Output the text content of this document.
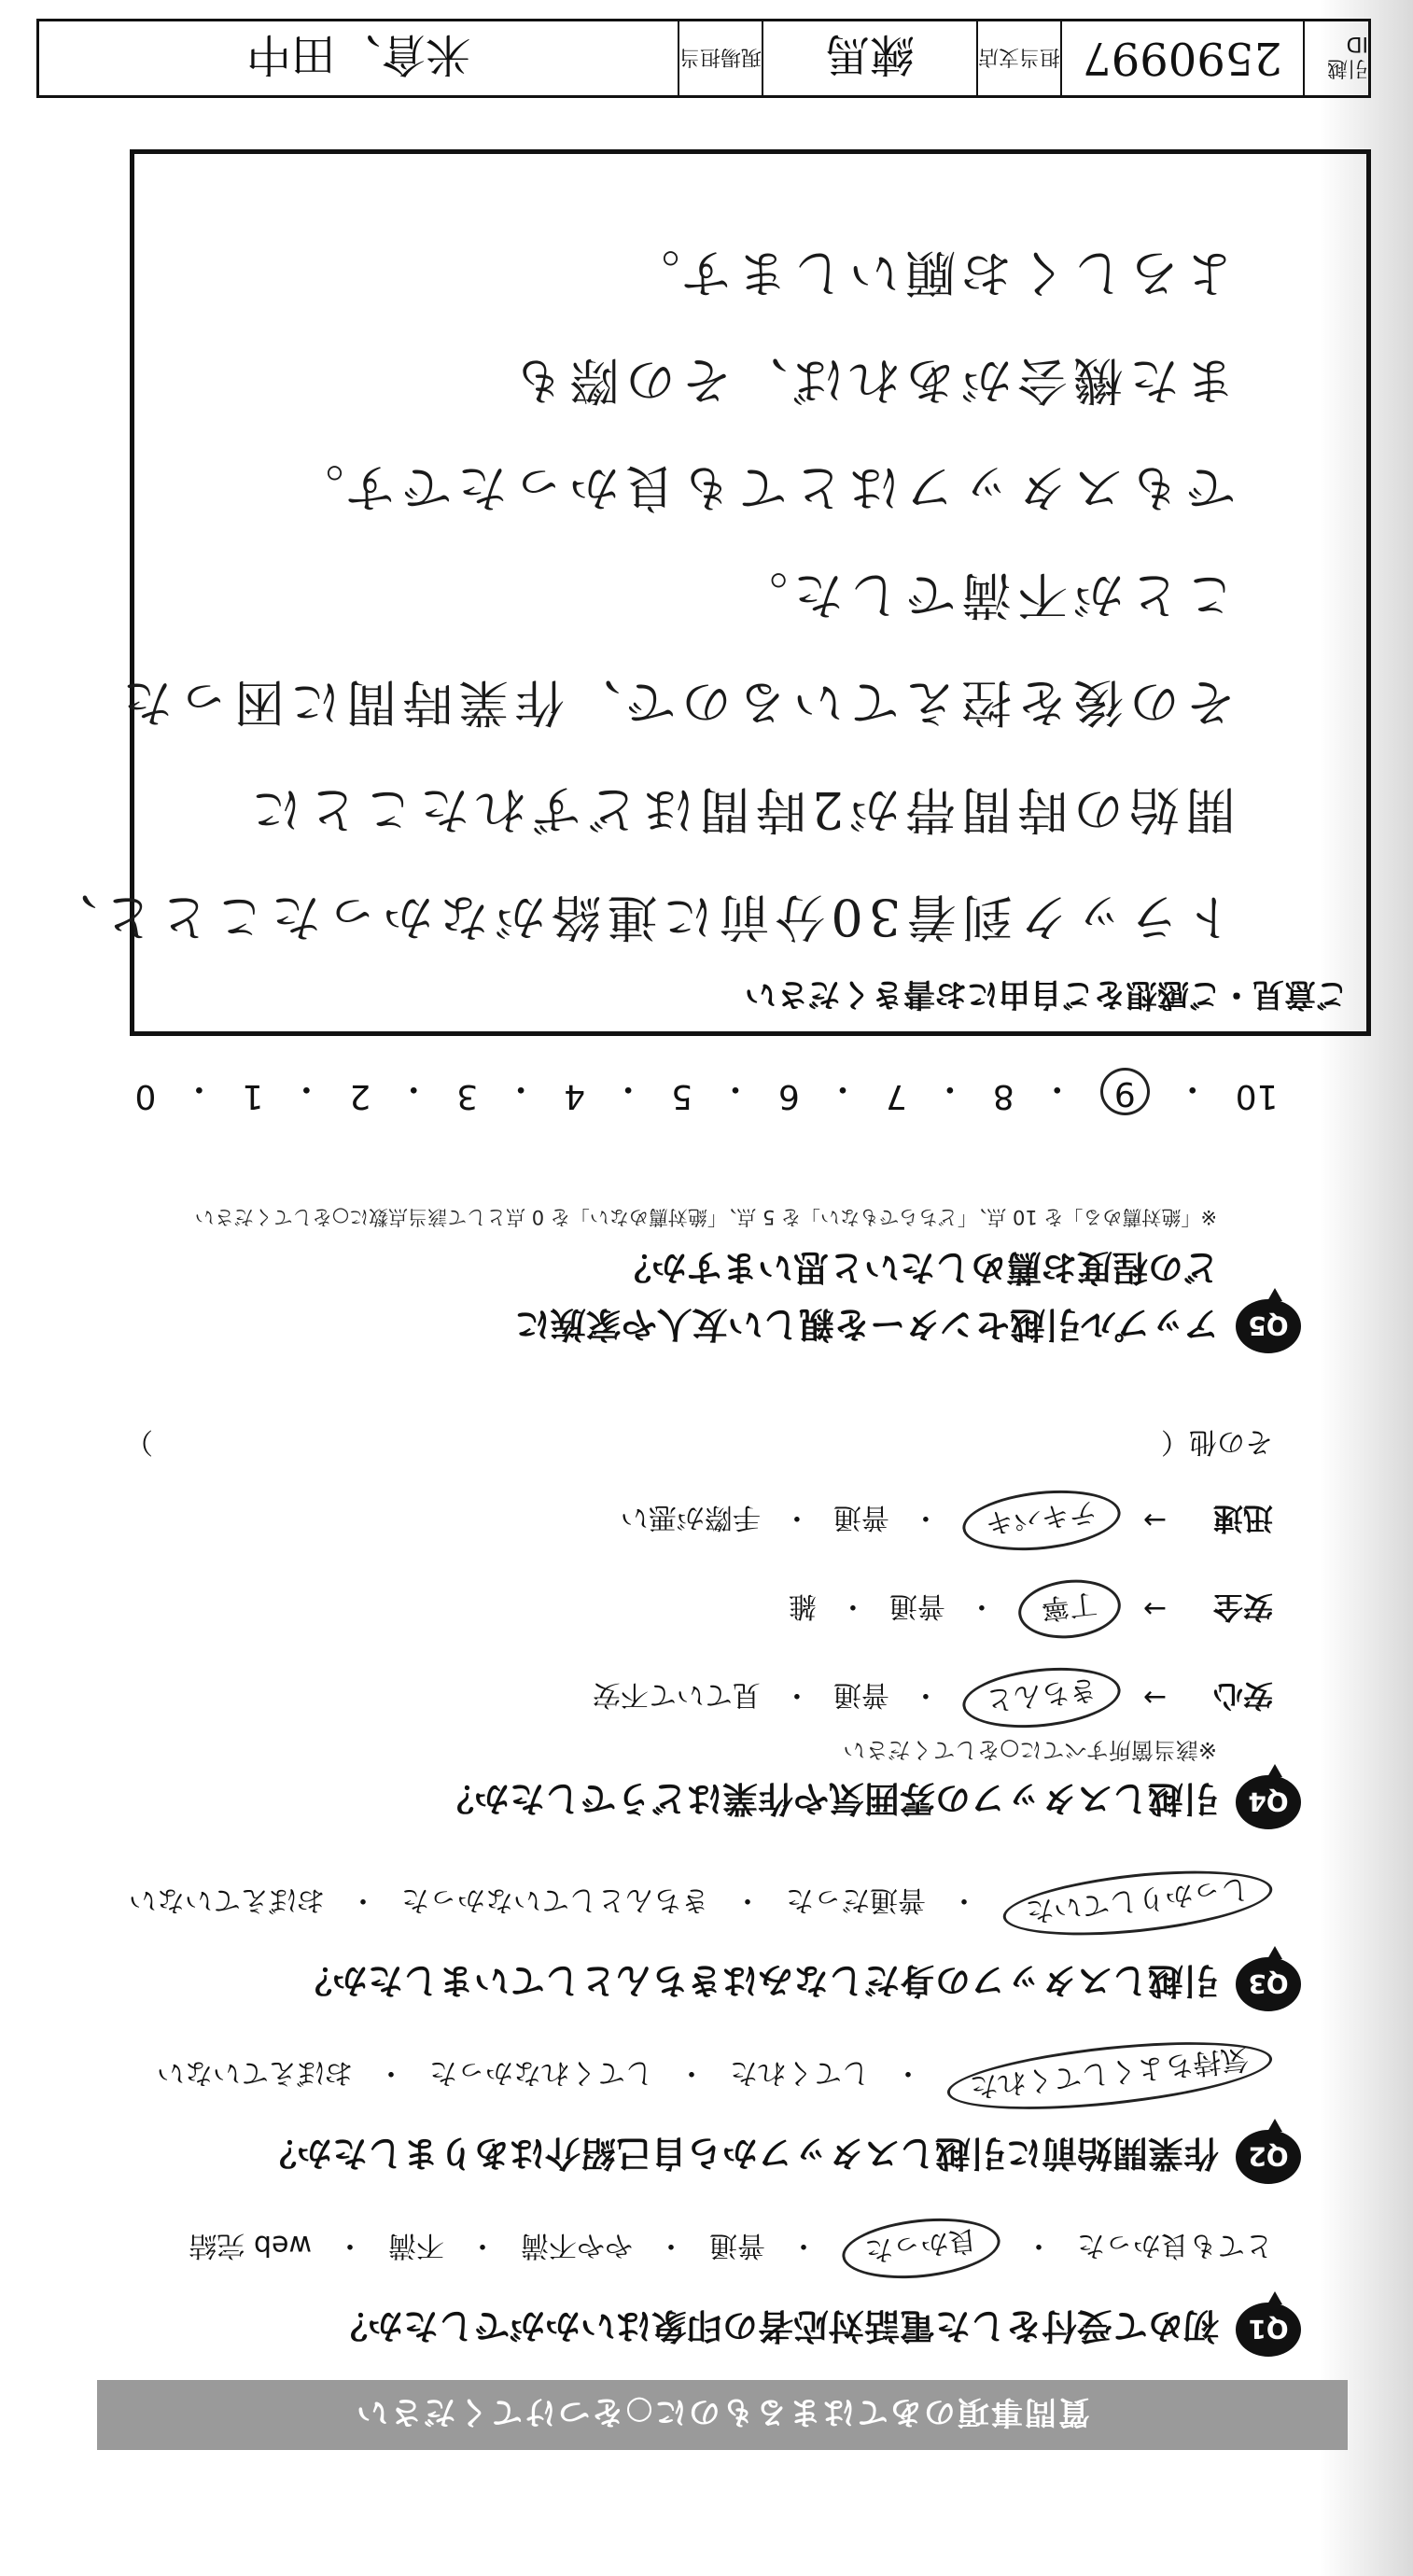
質問事項のあてはまるものに○をつけてください
Q1
初めて受付をした電話対応者の印象はいかがでしたか？
とても良かった
・
良かった
・
普通
・
やや不満
・
不満
・
web 完結
Q2
作業開始前に引越しスタッフから自己紹介はありましたか？
気持ちよくしてくれた
・
してくれた
・
してくれなかった
・
おぼえていない
Q3
引越しスタッフの身だしなみはきちんとしていましたか？
しっかりしていた
・
普通だった
・
きちんとしていなかった
・
おぼえていない
Q4
引越しスタッフの雰囲気や作業はどうでしたか？
※該当箇所すべてに○をしてください
安心
→
きちんと
・
普通
・
見ていて不安
安全
→
丁寧
・
普通
・
雑
迅速
→
テキパキ
・
普通
・
手際が悪い
その他（
）
Q5
アップル引越センターを親しい友人や家族に
どの程度お薦めしたいと思いますか？
※「絶対薦める」を 10 点、「どちらでもない」を 5 点、「絶対薦めない」を 0 点として該当点数に○をしてください
10
・
9
・
8
・
7
・
6
・
5
・
4
・
3
・
2
・
1
・
0
ご意見・ご感想をご自由にお書きください
トラック到着30分前に連絡がなかったことと、
開始の時間帯が2時間ほどずれたことに
その後を控えているので、作業時間に困った
ことが不満でした。
でもスタッフはとても良かったです。
また機会があれば、その際も
よろしくお願いします。
引越 ID
2590997
担当支店
練馬
現場担当
米倉、田中
